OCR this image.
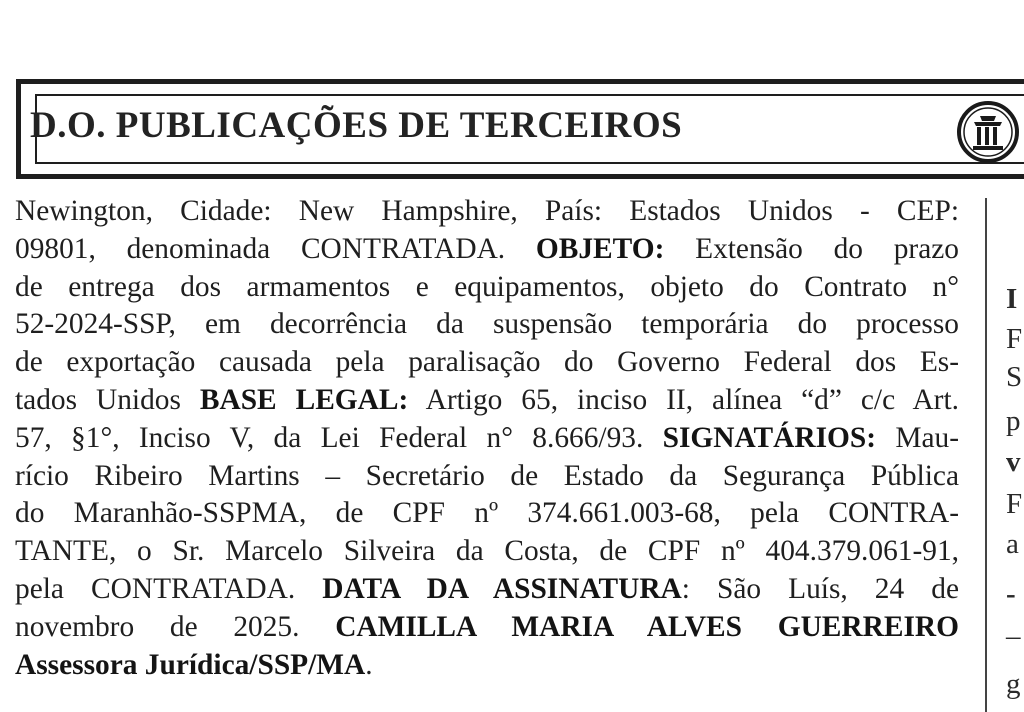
D.O. PUBLICAÇÕES DE TERCEIROS
Newington, Cidade: New Hampshire, País: Estados Unidos - CEP:
09801, denominada CONTRATADA. OBJETO: Extensão do prazo
de entrega dos armamentos e equipamentos, objeto do Contrato n°
52-2024-SSP, em decorrência da suspensão temporária do processo
de exportação causada pela paralisação do Governo Federal dos Es-
tados Unidos BASE LEGAL: Artigo 65, inciso II, alínea “d” c/c Art.
57, §1°, Inciso V, da Lei Federal n° 8.666/93. SIGNATÁRIOS: Mau-
rício Ribeiro Martins – Secretário de Estado da Segurança Pública
do Maranhão-SSPMA, de CPF nº 374.661.003-68, pela CONTRA-
TANTE, o Sr. Marcelo Silveira da Costa, de CPF nº 404.379.061-91,
pela CONTRATADA. DATA DA ASSINATURA: São Luís, 24 de
novembro de 2025. CAMILLA MARIA ALVES GUERREIRO
Assessora Jurídica/SSP/MA.
I
F
S
p
v
F
a
-
–
g
